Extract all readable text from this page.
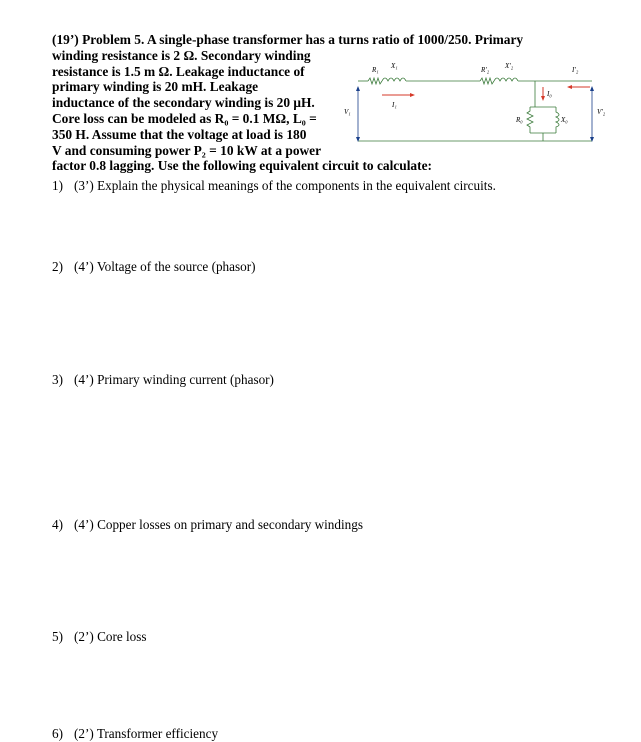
(19’) Problem 5. A single-phase transformer has a turns ratio of 1000/250. Primary
winding resistance is 2 Ω. Secondary winding
resistance is 1.5 m Ω. Leakage inductance of
primary winding is 20 mH. Leakage
inductance of the secondary winding is 20 μH.
Core loss can be modeled as R₀ = 0.1 MΩ, L₀ =
350 H. Assume that the voltage at load is 180
V and consuming power P₂ = 10 kW at a power
factor 0.8 lagging. Use the following equivalent circuit to calculate:
R₁ X₁	R′₂ X′₂
V₁
I₁
I₀
R₀	X₀
I′₂
V′₂
1) (3’) Explain the physical meanings of the components in the equivalent circuits.
2) (4’) Voltage of the source (phasor)
3) (4’) Primary winding current (phasor)
4) (4’) Copper losses on primary and secondary windings
5) (2’) Core loss
6) (2’) Transformer efficiency
